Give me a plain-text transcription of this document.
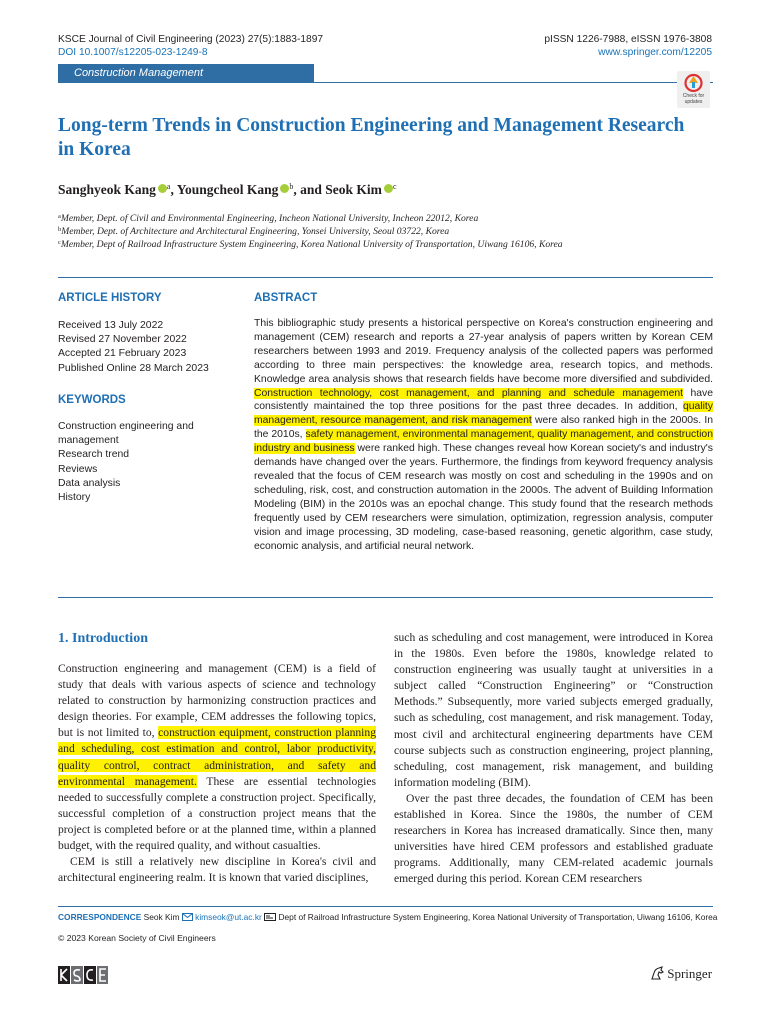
KSCE Journal of Civil Engineering (2023) 27(5):1883-1897
DOI 10.1007/s12205-023-1249-8
pISSN 1226-7988, eISSN 1976-3808
www.springer.com/12205
Construction Management
Check for updates
Long-term Trends in Construction Engineering and Management Research in Korea
Sanghyeok Kang $^a$, Youngcheol Kang $^b$, and Seok Kim $^c$
$^a$Member, Dept. of Civil and Environmental Engineering, Incheon National University, Incheon 22012, Korea
$^b$Member, Dept. of Architecture and Architectural Engineering, Yonsei University, Seoul 03722, Korea
$^c$Member, Dept of Railroad Infrastructure System Engineering, Korea National University of Transportation, Uiwang 16106, Korea
ARTICLE HISTORY
Received 13 July 2022
Revised 27 November 2022
Accepted 21 February 2023
Published Online 28 March 2023
KEYWORDS
Construction engineering and management
Research trend
Reviews
Data analysis
History
ABSTRACT
This bibliographic study presents a historical perspective on Korea's construction engineering and management (CEM) research and reports a 27-year analysis of papers written by Korean CEM researchers between 1993 and 2019. Frequency analysis of the collected papers was performed according to three main perspectives: the knowledge area, research topics, and methods. Knowledge area analysis shows that research fields have become more diversified and subdivided. Construction technology, cost management, and planning and schedule management have consistently maintained the top three positions for the past three decades. In addition, quality management, resource management, and risk management were also ranked high in the 2000s. In the 2010s, safety management, environmental management, quality management, and construction industry and business were ranked high. These changes reveal how Korean society's and industry's demands have changed over the years. Furthermore, the findings from keyword frequency analysis revealed that the focus of CEM research was mostly on cost and scheduling in the 1990s and on scheduling, risk, cost, and construction automation in the 2000s. The advent of Building Information Modeling (BIM) in the 2010s was an epochal change. This study found that the research methods frequently used by CEM researchers were simulation, optimization, regression analysis, computer vision and image processing, 3D modeling, case-based reasoning, genetic algorithm, case study, economic analysis, and artificial neural network.
1. Introduction

Construction engineering and management (CEM) is a field of study that deals with various aspects of science and technology related to construction by harmonizing construction practices and design theories. For example, CEM addresses the following topics, but is not limited to, construction equipment, construction planning and scheduling, cost estimation and control, labor productivity, quality control, contract administration, and safety and environmental management. These are essential technologies needed to successfully complete a construction project. Specifically, successful completion of a construction project means that the project is completed before or at the planned time, within a planned budget, with the required quality, and without casualties.

CEM is still a relatively new discipline in Korea's civil and architectural engineering realm. It is known that varied disciplines,

such as scheduling and cost management, were introduced in Korea in the 1980s. Even before the 1980s, knowledge related to construction engineering was usually taught at universities in a subject called “Construction Engineering” or “Construction Methods.” Subsequently, more varied subjects emerged gradually, such as scheduling, cost management, and risk management. Today, most civil and architectural engineering departments have CEM course subjects such as construction engineering, project planning, scheduling, cost management, risk management, and building information modeling (BIM).

Over the past three decades, the foundation of CEM has been established in Korea. Since the 1980s, the number of CEM researchers in Korea has increased dramatically. Since then, many universities have hired CEM professors and established graduate programs. Additionally, many CEM-related academic journals emerged during this period. Korean CEM researchers

CORRESPONDENCE Seok Kim kimseok@ut.ac.kr Dept of Railroad Infrastructure System Engineering, Korea National University of Transportation, Uiwang 16106, Korea
© 2023 Korean Society of Civil Engineers
Springer
